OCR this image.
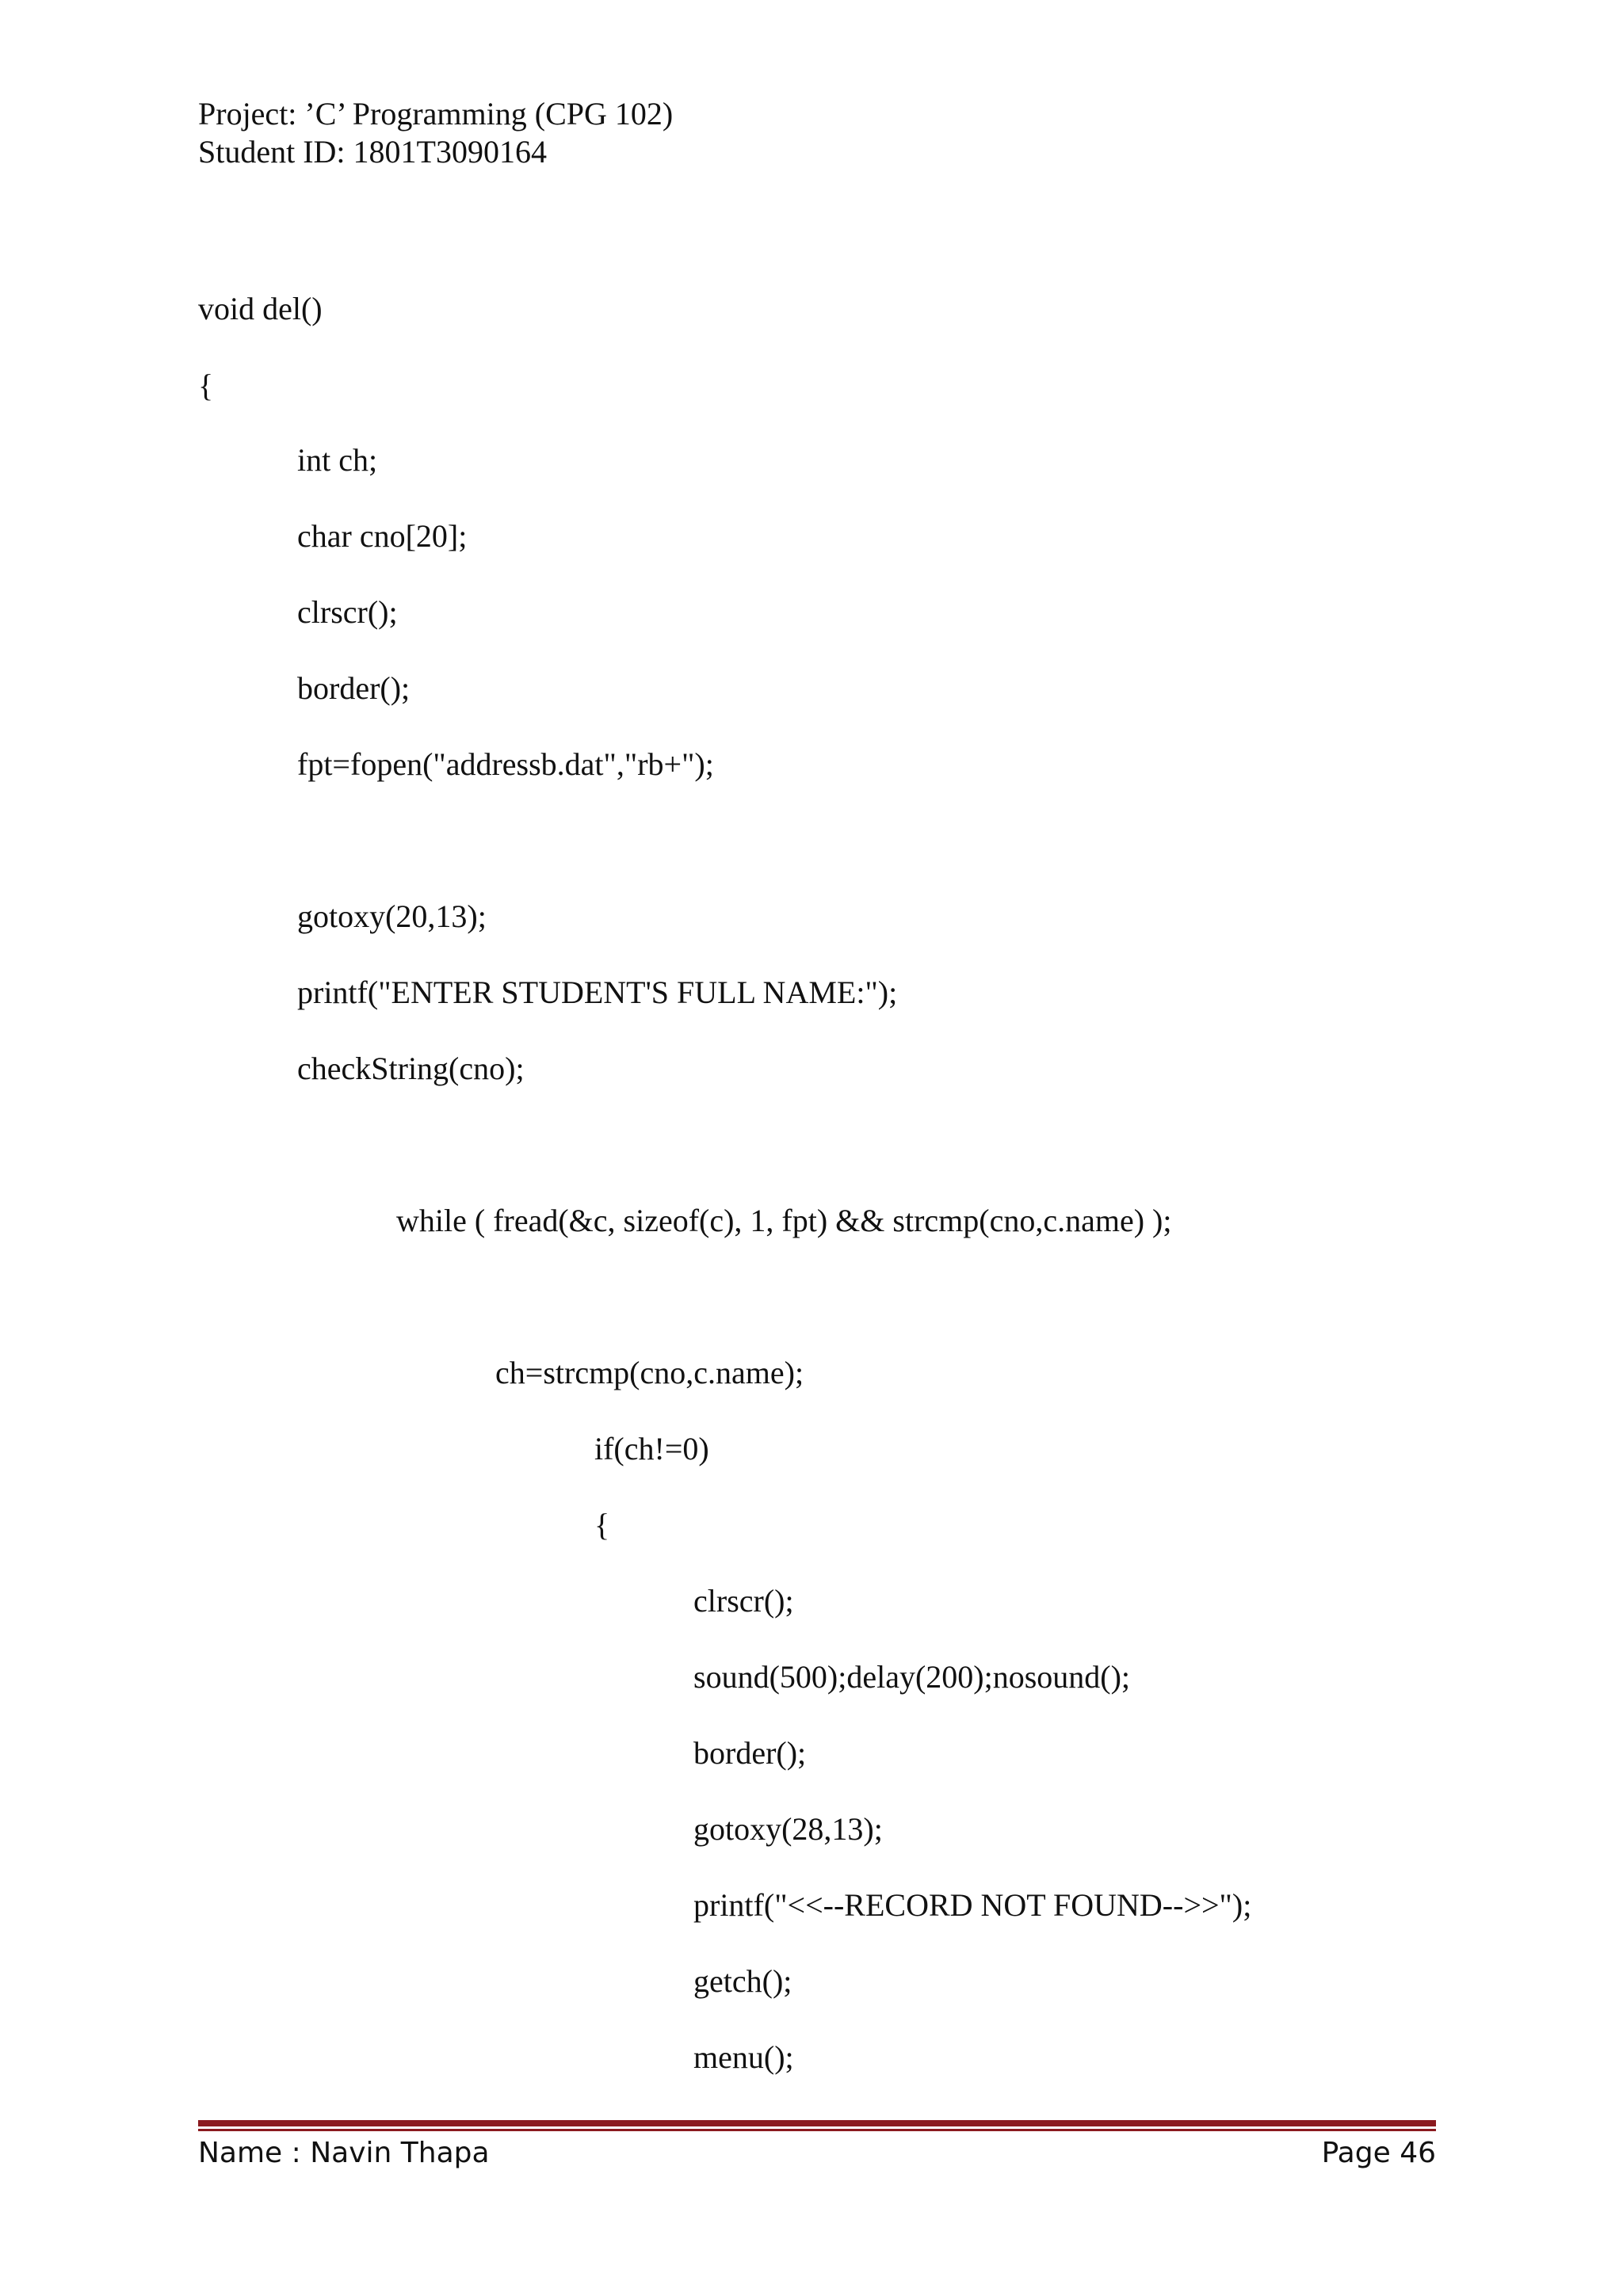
Project: ’C’ Programming (CPG 102)
Student ID: 1801T3090164
void del()
{
int ch;
char cno[20];
clrscr();
border();
fpt=fopen("addressb.dat","rb+");
gotoxy(20,13);
printf("ENTER STUDENT'S FULL NAME:");
checkString(cno);
while ( fread(&c, sizeof(c), 1, fpt) && strcmp(cno,c.name) );
ch=strcmp(cno,c.name);
if(ch!=0)
{
clrscr();
sound(500);delay(200);nosound();
border();
gotoxy(28,13);
printf("<<--RECORD NOT FOUND-->>");
getch();
menu();
Name : Navin Thapa	Page 46
